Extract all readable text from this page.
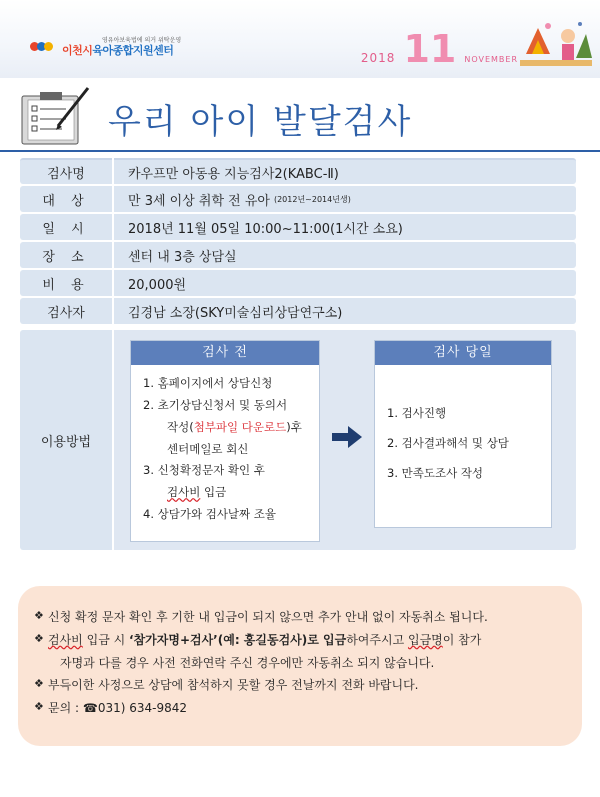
영유아보육법에 의거 위탁운영
이천시육아종합지원센터
2018 11 NOVEMBER
우리 아이 발달검사
검사명	카우프만 아동용 지능검사2(KABC-Ⅱ)
대 상	만 3세 이상 취학 전 유아 (2012년~2014년생)
일 시	2018년 11월 05일 10:00~11:00(1시간 소요)
장 소	센터 내 3층 상담실
비 용	20,000원
검사자	김경남 소장(SKY미술심리상담연구소)
이용방법
검사 전
1. 홈페이지에서 상담신청
2. 초기상담신청서 및 동의서
작성(첨부파일 다운로드)후
센터메일로 회신
3. 신청확정문자 확인 후
검사비 입금
4. 상담가와 검사날짜 조율
검사 당일
1. 검사진행
2. 검사결과해석 및 상담
3. 만족도조사 작성
❖ 신청 확정 문자 확인 후 기한 내 입금이 되지 않으면 추가 안내 없이 자동취소 됩니다.
❖ 검사비 입금 시 ‘참가자명+검사’(예: 홍길동검사)로 입금하여주시고 입금명이 참가
자명과 다를 경우 사전 전화연락 주신 경우에만 자동취소 되지 않습니다.
❖ 부득이한 사정으로 상담에 참석하지 못할 경우 전날까지 전화 바랍니다.
❖ 문의 : ☎031) 634-9842
